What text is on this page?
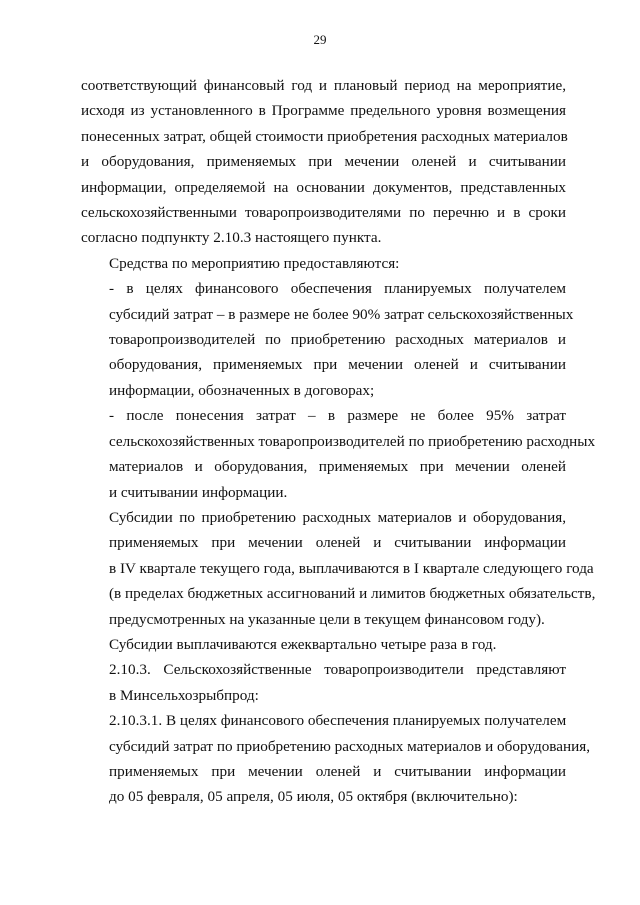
29

соответствующий финансовый год и плановый период на мероприятие,
исходя из установленного в Программе предельного уровня возмещения
понесенных затрат, общей стоимости приобретения расходных материалов
и оборудования, применяемых при мечении оленей и считывании
информации, определяемой на основании документов, представленных
сельскохозяйственными товаропроизводителями по перечню и в сроки
согласно подпункту 2.10.3 настоящего пункта.

Средства по мероприятию предоставляются:

- в целях финансового обеспечения планируемых получателем
субсидий затрат – в размере не более 90% затрат сельскохозяйственных
товаропроизводителей по приобретению расходных материалов и
оборудования, применяемых при мечении оленей и считывании
информации, обозначенных в договорах;

- после понесения затрат – в размере не более 95% затрат
сельскохозяйственных товаропроизводителей по приобретению расходных
материалов и оборудования, применяемых при мечении оленей
и считывании информации.

Субсидии по приобретению расходных материалов и оборудования,
применяемых при мечении оленей и считывании информации
в IV квартале текущего года, выплачиваются в I квартале следующего года
(в пределах бюджетных ассигнований и лимитов бюджетных обязательств,
предусмотренных на указанные цели в текущем финансовом году).

Субсидии выплачиваются ежеквартально четыре раза в год.

2.10.3. Сельскохозяйственные товаропроизводители представляют
в Минсельхозрыбпрод:

2.10.3.1. В целях финансового обеспечения планируемых получателем
субсидий затрат по приобретению расходных материалов и оборудования,
применяемых при мечении оленей и считывании информации
до 05 февраля, 05 апреля, 05 июля, 05 октября (включительно):
